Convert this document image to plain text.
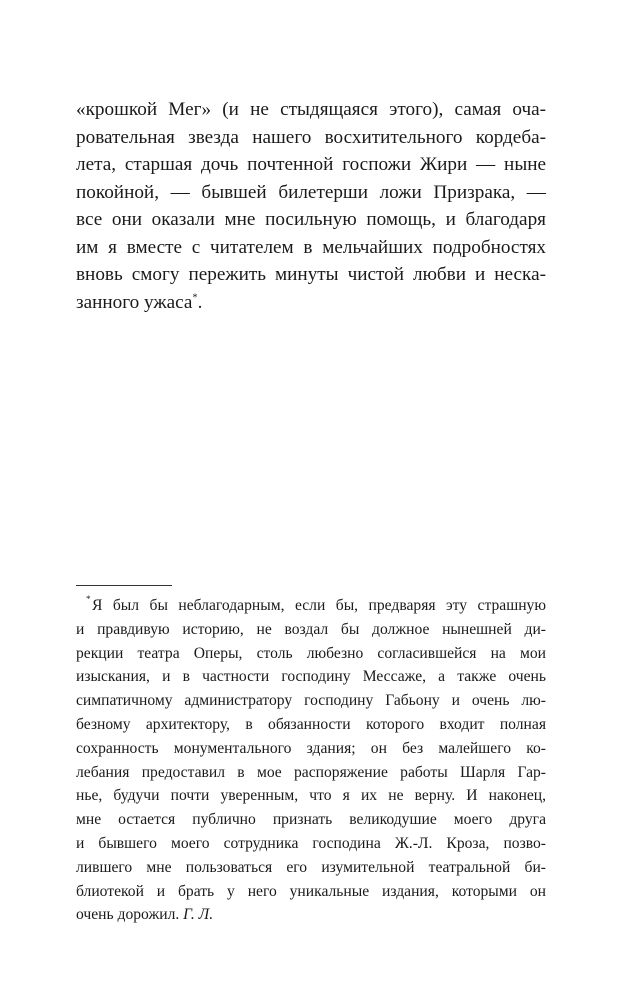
«крошкой Мег» (и не стыдящаяся этого), самая оча-
ровательная звезда нашего восхитительного кордеба-
лета, старшая дочь почтенной госпожи Жири — ныне
покойной, — бывшей билетерши ложи Призрака, —
все они оказали мне посильную помощь, и благодаря
им я вместе с читателем в мельчайших подробностях
вновь смогу пережить минуты чистой любви и неска-
занного ужаса*.
* Я был бы неблагодарным, если бы, предваряя эту страшную
и правдивую историю, не воздал бы должное нынешней ди-
рекции театра Оперы, столь любезно согласившейся на мои
изыскания, и в частности господину Мессаже, а также очень
симпатичному администратору господину Габьону и очень лю-
безному архитектору, в обязанности которого входит полная
сохранность монументального здания; он без малейшего ко-
лебания предоставил в мое распоряжение работы Шарля Гар-
нье, будучи почти уверенным, что я их не верну. И наконец,
мне остается публично признать великодушие моего друга
и бывшего моего сотрудника господина Ж.-Л. Кроза, позво-
лившего мне пользоваться его изумительной театральной би-
блиотекой и брать у него уникальные издания, которыми он
очень дорожил. Г. Л.
